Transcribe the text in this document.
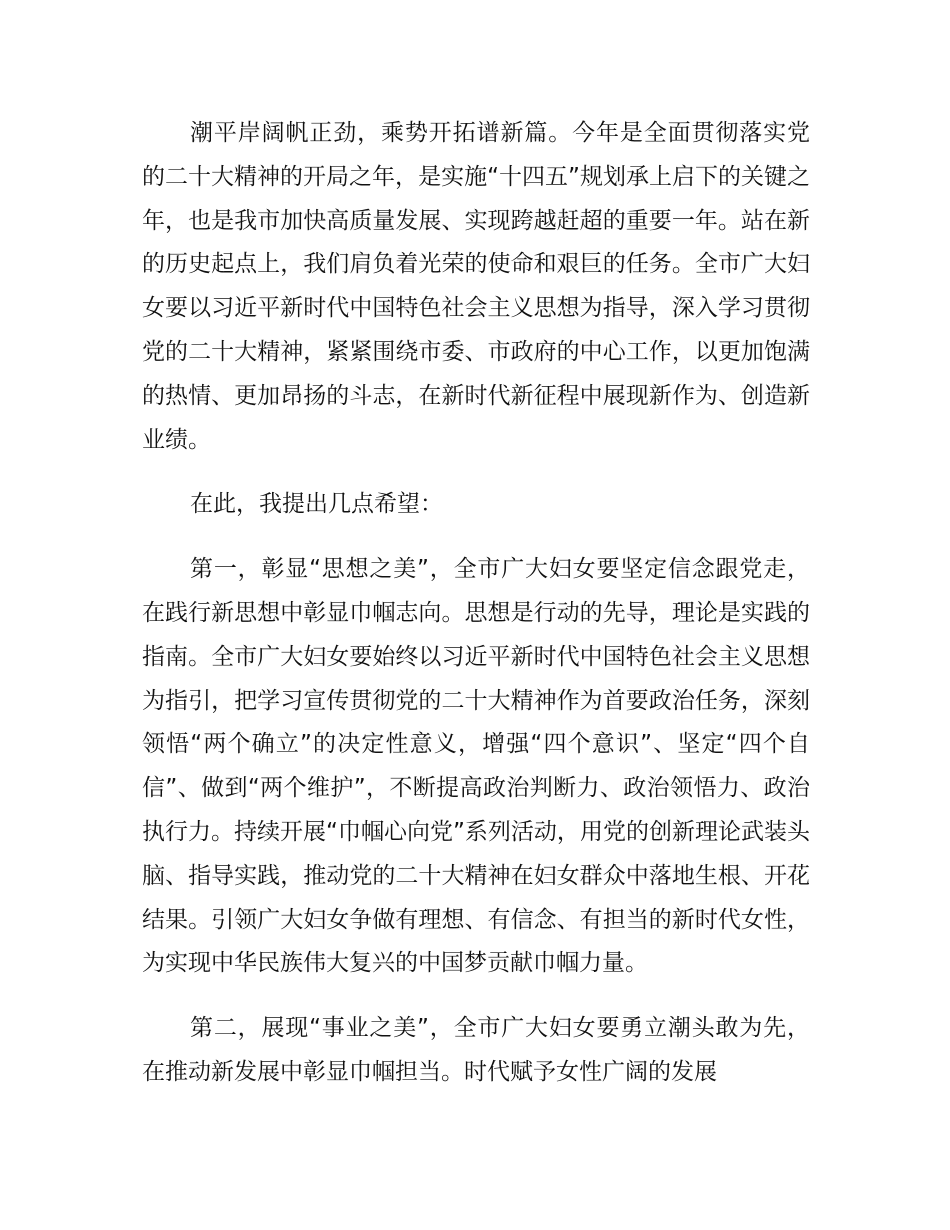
潮平岸阔帆正劲，乘势开拓谱新篇。今年是全面贯彻落实党的二十大精神的开局之年，是实施“十四五”规划承上启下的关键之年，也是我市加快高质量发展、实现跨越赶超的重要一年。站在新的历史起点上，我们肩负着光荣的使命和艰巨的任务。全市广大妇女要以习近平新时代中国特色社会主义思想为指导，深入学习贯彻党的二十大精神，紧紧围绕市委、市政府的中心工作，以更加饱满的热情、更加昂扬的斗志，在新时代新征程中展现新作为、创造新业绩。

在此，我提出几点希望：

第一，彰显“思想之美”，全市广大妇女要坚定信念跟党走，在践行新思想中彰显巾帼志向。思想是行动的先导，理论是实践的指南。全市广大妇女要始终以习近平新时代中国特色社会主义思想为指引，把学习宣传贯彻党的二十大精神作为首要政治任务，深刻领悟“两个确立”的决定性意义，增强“四个意识”、坚定“四个自信”、做到“两个维护”，不断提高政治判断力、政治领悟力、政治执行力。持续开展“巾帼心向党”系列活动，用党的创新理论武装头脑、指导实践，推动党的二十大精神在妇女群众中落地生根、开花结果。引领广大妇女争做有理想、有信念、有担当的新时代女性，为实现中华民族伟大复兴的中国梦贡献巾帼力量。

第二，展现“事业之美”，全市广大妇女要勇立潮头敢为先，在推动新发展中彰显巾帼担当。时代赋予女性广阔的发展
